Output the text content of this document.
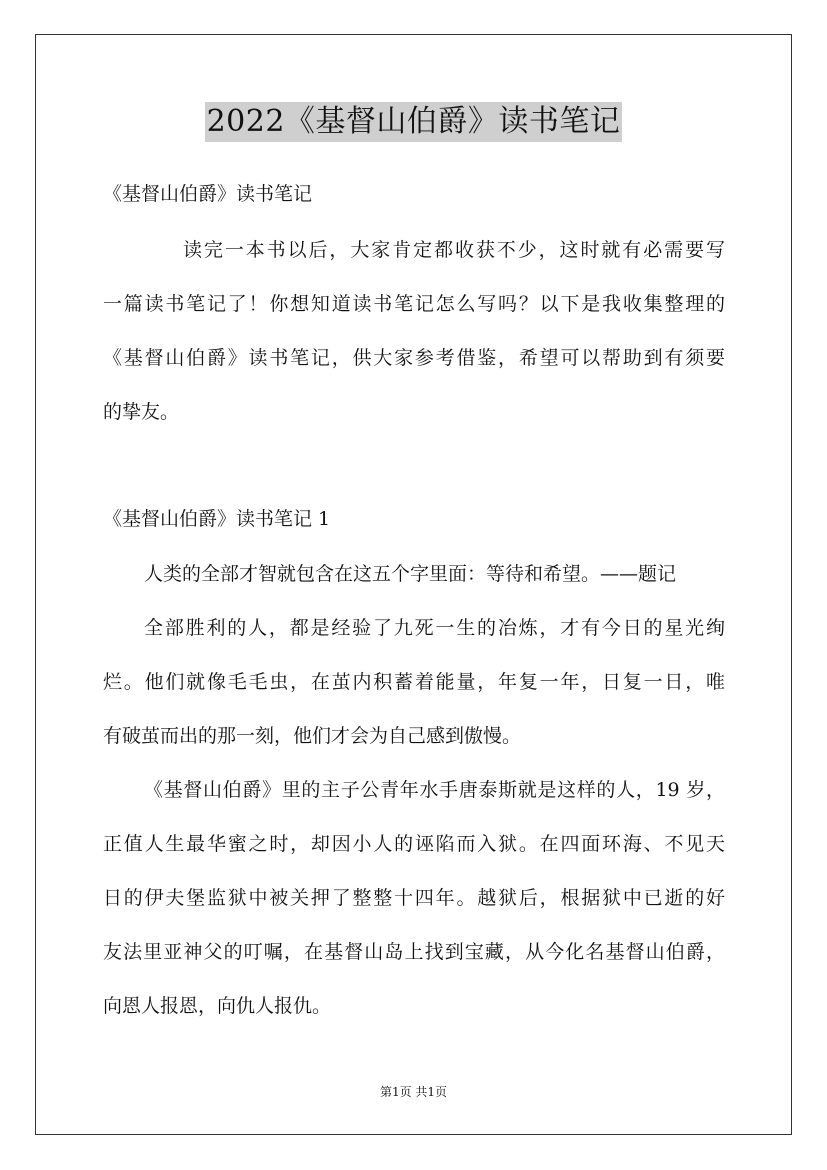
2022《基督山伯爵》读书笔记
《基督山伯爵》读书笔记
读完一本书以后，大家肯定都收获不少，这时就有必需要写
一篇读书笔记了！你想知道读书笔记怎么写吗？以下是我收集整理的
《基督山伯爵》读书笔记，供大家参考借鉴，希望可以帮助到有须要
的挚友。
《基督山伯爵》读书笔记 1
人类的全部才智就包含在这五个字里面：等待和希望。——题记
全部胜利的人，都是经验了九死一生的冶炼，才有今日的星光绚
烂。他们就像毛毛虫，在茧内积蓄着能量，年复一年，日复一日，唯
有破茧而出的那一刻，他们才会为自己感到傲慢。
《基督山伯爵》里的主子公青年水手唐泰斯就是这样的人，19 岁，
正值人生最华蜜之时，却因小人的诬陷而入狱。在四面环海、不见天
日的伊夫堡监狱中被关押了整整十四年。越狱后，根据狱中已逝的好
友法里亚神父的叮嘱，在基督山岛上找到宝藏，从今化名基督山伯爵，
向恩人报恩，向仇人报仇。
第1页 共1页
